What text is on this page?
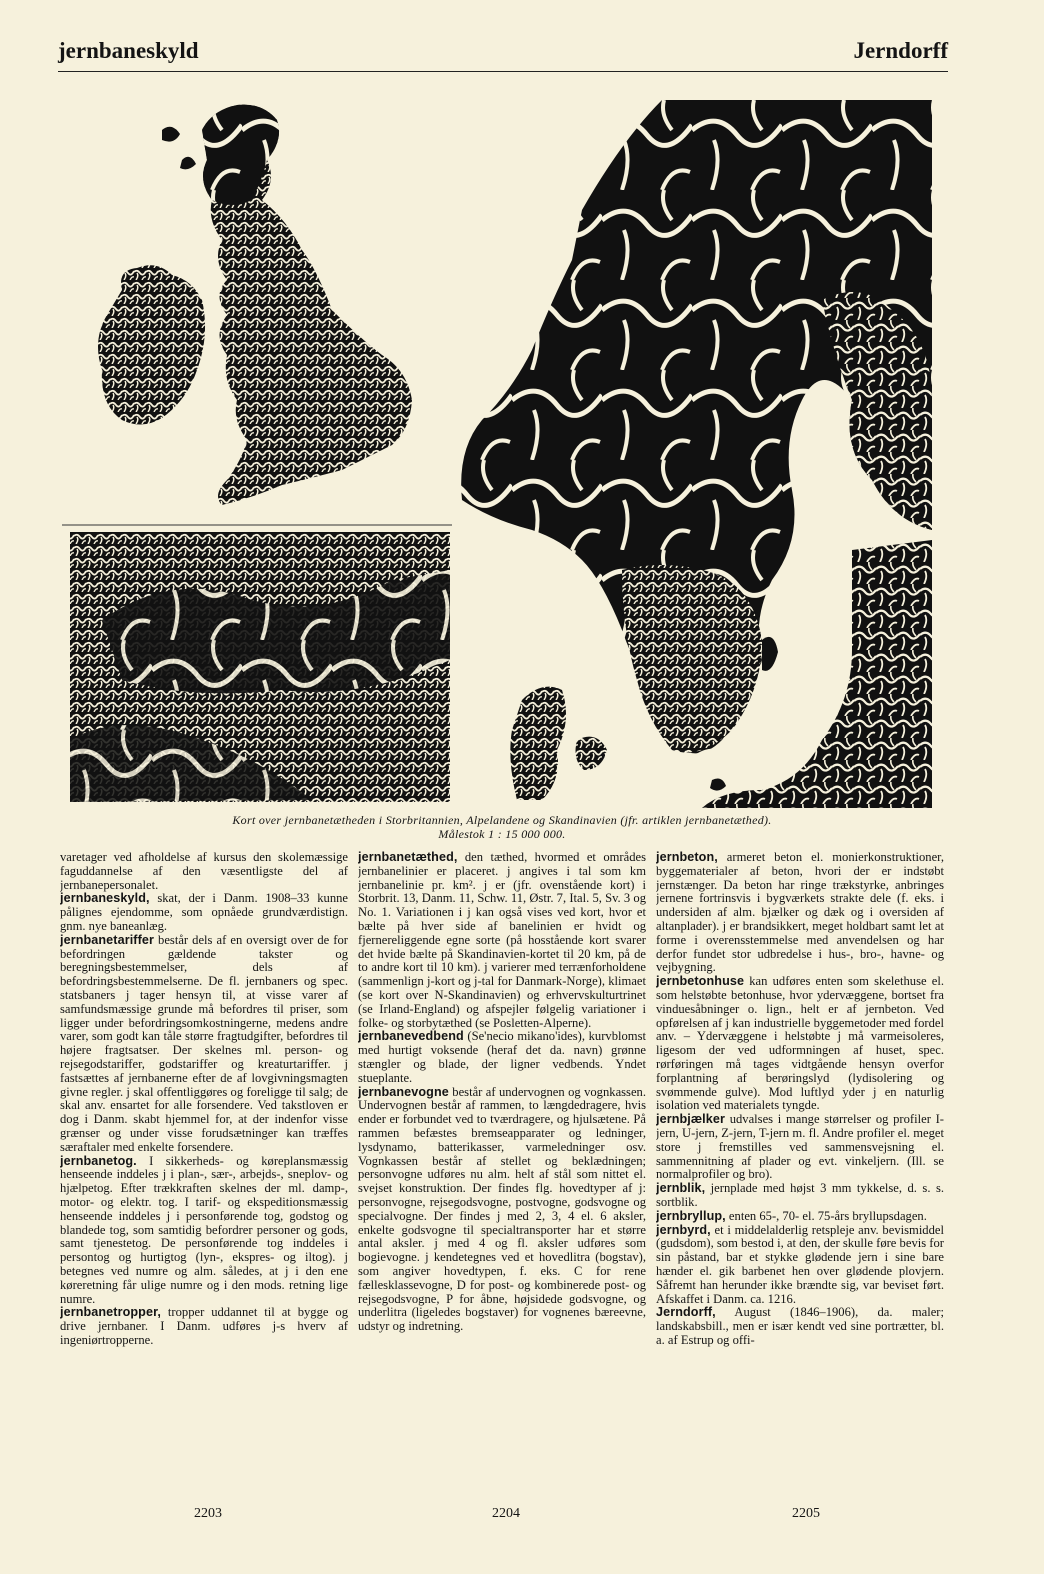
jernbaneskyld	Jerndorff
Kort over jernbanetætheden i Storbritannien, Alpelandene og Skandinavien (jfr. artiklen jernbanetæthed).
Målestok 1 : 15 000 000.

varetager ved afholdelse af kursus den skolemæssige faguddannelse af den væsentligste del af jernbanepersonalet.

jernbaneskyld, skat, der i Danm. 1908–33 kunne pålignes ejendomme, som opnåede grundværdistign. gnm. nye baneanlæg.

jernbanetariffer består dels af en oversigt over de for befordringen gældende takster og beregningsbestemmelser, dels af befordringsbestemmelserne. De fl. jernbaners og spec. statsbaners j tager hensyn til, at visse varer af samfundsmæssige grunde må befordres til priser, som ligger under befordringsomkostningerne, medens andre varer, som godt kan tåle større fragtudgifter, befordres til højere fragtsatser. Der skelnes ml. person- og rejsegodstariffer, godstariffer og kreaturtariffer. j fastsættes af jernbanerne efter de af lovgivningsmagten givne regler. j skal offentliggøres og foreligge til salg; de skal anv. ensartet for alle forsendere. Ved takstloven er dog i Danm. skabt hjemmel for, at der indenfor visse grænser og under visse forudsætninger kan træffes særaftaler med enkelte forsendere.

jernbanetog. I sikkerheds- og køreplansmæssig henseende inddeles j i plan-, sær-, arbejds-, sneplov- og hjælpetog. Efter trækkraften skelnes der ml. damp-, motor- og elektr. tog. I tarif- og ekspeditionsmæssig henseende inddeles j i personførende tog, godstog og blandede tog, som samtidig befordrer personer og gods, samt tjenestetog. De personførende tog inddeles i persontog og hurtigtog (lyn-, ekspres- og iltog). j betegnes ved numre og alm. således, at j i den ene køreretning får ulige numre og i den mods. retning lige numre.

jernbanetropper, tropper uddannet til at bygge og drive jernbaner. I Danm. udføres j-s hverv af ingeniørtropperne.

jernbanetæthed, den tæthed, hvormed et områdes jernbanelinier er placeret. j angives i tal som km jernbanelinie pr. km². j er (jfr. ovenstående kort) i Storbrit. 13, Danm. 11, Schw. 11, Østr. 7, Ital. 5, Sv. 3 og No. 1. Variationen i j kan også vises ved kort, hvor et bælte på hver side af banelinien er hvidt og fjernereliggende egne sorte (på hosstående kort svarer det hvide bælte på Skandinavien-kortet til 20 km, på de to andre kort til 10 km). j varierer med terrænforholdene (sammenlign j-kort og j-tal for Danmark-Norge), klimaet (se kort over N-Skandinavien) og erhvervskulturtrinet (se Irland-England) og afspejler følgelig variationer i folke- og storbytæthed (se Posletten-Alperne).

jernbanevedbend (Se'necio mikano'ides), kurvblomst med hurtigt voksende (heraf det da. navn) grønne stængler og blade, der ligner vedbends. Yndet stueplante.

jernbanevogne består af undervognen og vognkassen. Undervognen består af rammen, to længdedragere, hvis ender er forbundet ved to tværdragere, og hjulsætene. På rammen befæstes bremseapparater og ledninger, lysdynamo, batterikasser, varmeledninger osv. Vognkassen består af stellet og beklædningen; personvogne udføres nu alm. helt af stål som nittet el. svejset konstruktion. Der findes flg. hovedtyper af j: personvogne, rejsegodsvogne, postvogne, godsvogne og specialvogne. Der findes j med 2, 3, 4 el. 6 aksler, enkelte godsvogne til specialtransporter har et større antal aksler. j med 4 og fl. aksler udføres som bogievogne. j kendetegnes ved et hovedlitra (bogstav), som angiver hovedtypen, f. eks. C for rene fællesklassevogne, D for post- og kombinerede post- og rejsegodsvogne, P for åbne, højsidede godsvogne, og underlitra (ligeledes bogstaver) for vognenes bæreevne, udstyr og indretning.

jernbeton, armeret beton el. monierkonstruktioner, byggematerialer af beton, hvori der er indstøbt jernstænger. Da beton har ringe trækstyrke, anbringes jernene fortrinsvis i bygværkets strakte dele (f. eks. i undersiden af alm. bjælker og dæk og i oversiden af altanplader). j er brandsikkert, meget holdbart samt let at forme i overensstemmelse med anvendelsen og har derfor fundet stor udbredelse i hus-, bro-, havne- og vejbygning.

jernbetonhuse kan udføres enten som skelethuse el. som helstøbte betonhuse, hvor ydervæggene, bortset fra vinduesåbninger o. lign., helt er af jernbeton. Ved opførelsen af j kan industrielle byggemetoder med fordel anv. – Ydervæggene i helstøbte j må varmeisoleres, ligesom der ved udformningen af huset, spec. rørføringen må tages vidtgående hensyn overfor forplantning af berøringslyd (lydisolering og svømmende gulve). Mod luftlyd yder j en naturlig isolation ved materialets tyngde.

jernbjælker udvalses i mange størrelser og profiler I-jern, U-jern, Z-jern, T-jern m. fl. Andre profiler el. meget store j fremstilles ved sammensvejsning el. sammennitning af plader og evt. vinkeljern. (Ill. se normalprofiler og bro).

jernblik, jernplade med højst 3 mm tykkelse, d. s. s. sortblik.

jernbryllup, enten 65-, 70- el. 75-års bryllupsdagen.

jernbyrd, et i middelalderlig retspleje anv. bevismiddel (gudsdom), som bestod i, at den, der skulle føre bevis for sin påstand, bar et stykke glødende jern i sine bare hænder el. gik barbenet hen over glødende plovjern. Såfremt han herunder ikke brændte sig, var beviset ført. Afskaffet i Danm. ca. 1216.

Jerndorff, August (1846–1906), da. maler; landskabsbill., men er især kendt ved sine portrætter, bl. a. af Estrup og offi-

2203	2204	2205
